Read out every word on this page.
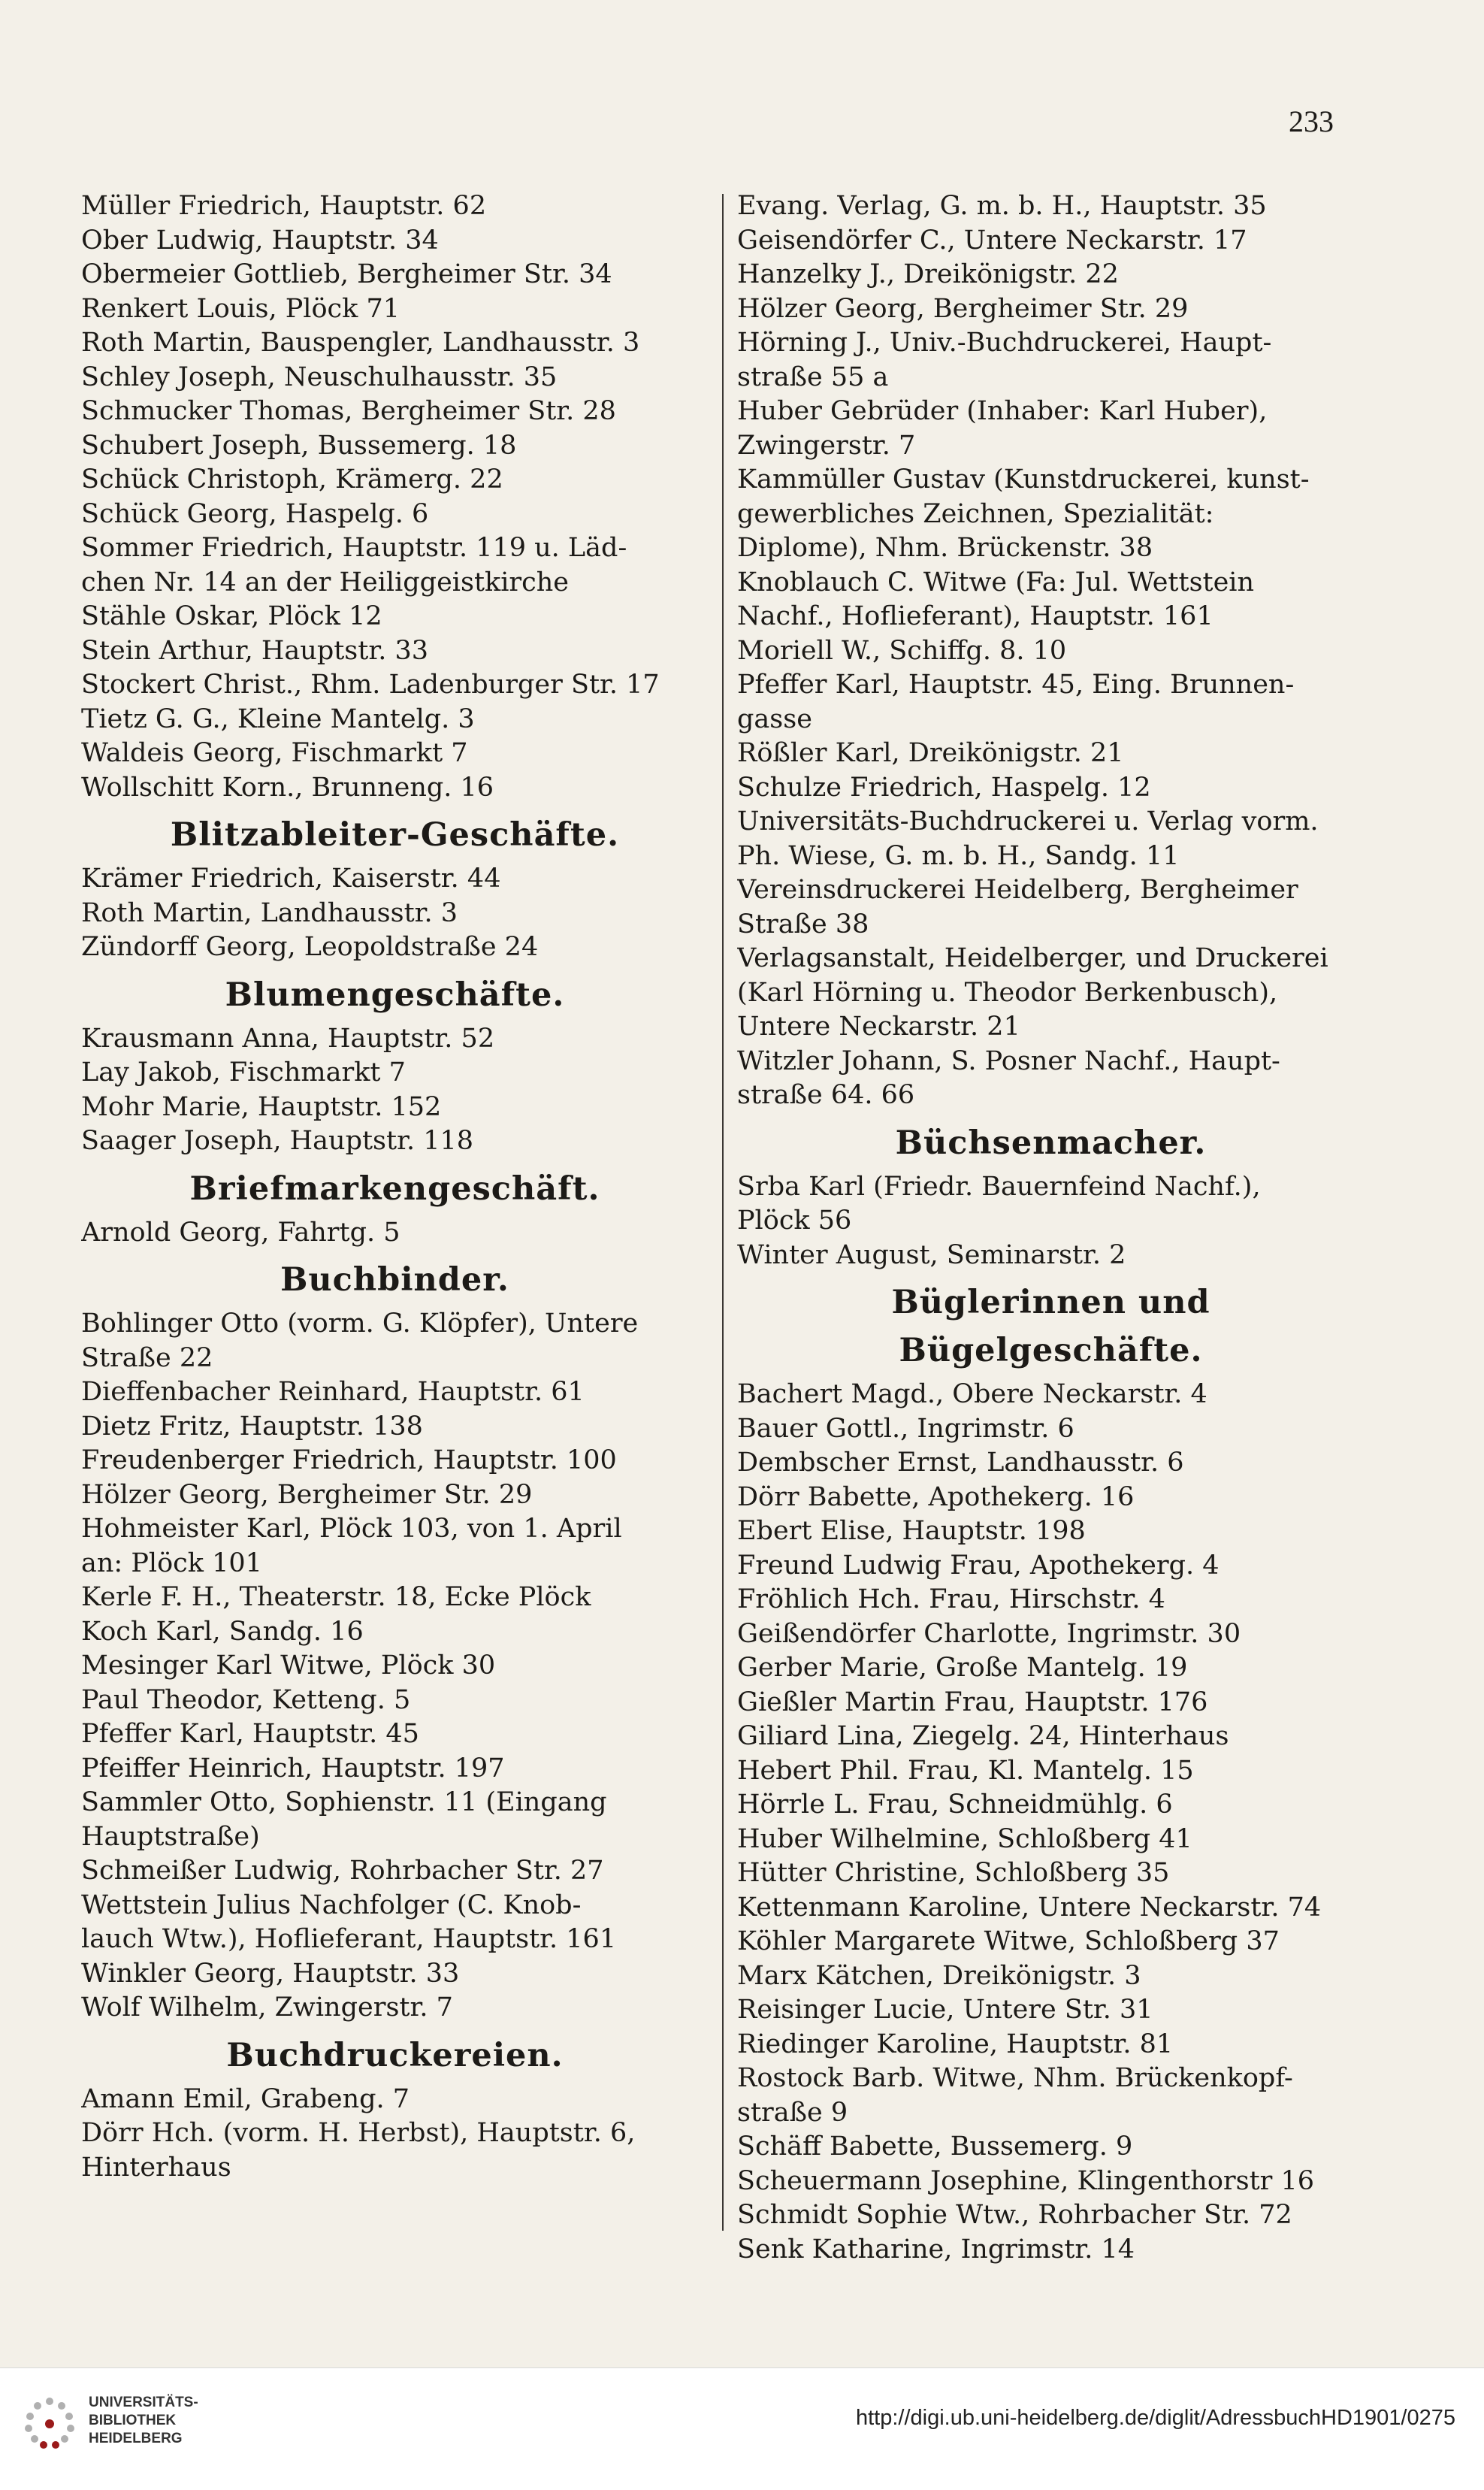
233
Müller Friedrich, Hauptstr. 62
Ober Ludwig, Hauptstr. 34
Obermeier Gottlieb, Bergheimer Str. 34
Renkert Louis, Plöck 71
Roth Martin, Bauspengler, Landhausstr. 3
Schley Joseph, Neuschulhausstr. 35
Schmucker Thomas, Bergheimer Str. 28
Schubert Joseph, Bussemerg. 18
Schück Christoph, Krämerg. 22
Schück Georg, Haspelg. 6
Sommer Friedrich, Hauptstr. 119 u. Läd-
chen Nr. 14 an der Heiliggeistkirche
Stähle Oskar, Plöck 12
Stein Arthur, Hauptstr. 33
Stockert Christ., Rhm. Ladenburger Str. 17
Tietz G. G., Kleine Mantelg. 3
Waldeis Georg, Fischmarkt 7
Wollschitt Korn., Brunneng. 16
Blitzableiter-Geschäfte.
Krämer Friedrich, Kaiserstr. 44
Roth Martin, Landhausstr. 3
Zündorff Georg, Leopoldstraße 24
Blumengeschäfte.
Krausmann Anna, Hauptstr. 52
Lay Jakob, Fischmarkt 7
Mohr Marie, Hauptstr. 152
Saager Joseph, Hauptstr. 118
Briefmarkengeschäft.
Arnold Georg, Fahrtg. 5
Buchbinder.
Bohlinger Otto (vorm. G. Klöpfer), Untere
Straße 22
Dieffenbacher Reinhard, Hauptstr. 61
Dietz Fritz, Hauptstr. 138
Freudenberger Friedrich, Hauptstr. 100
Hölzer Georg, Bergheimer Str. 29
Hohmeister Karl, Plöck 103, von 1. April
an: Plöck 101
Kerle F. H., Theaterstr. 18, Ecke Plöck
Koch Karl, Sandg. 16
Mesinger Karl Witwe, Plöck 30
Paul Theodor, Ketteng. 5
Pfeffer Karl, Hauptstr. 45
Pfeiffer Heinrich, Hauptstr. 197
Sammler Otto, Sophienstr. 11 (Eingang
Hauptstraße)
Schmeißer Ludwig, Rohrbacher Str. 27
Wettstein Julius Nachfolger (C. Knob-
lauch Wtw.), Hoflieferant, Hauptstr. 161
Winkler Georg, Hauptstr. 33
Wolf Wilhelm, Zwingerstr. 7
Buchdruckereien.
Amann Emil, Grabeng. 7
Dörr Hch. (vorm. H. Herbst), Hauptstr. 6,
Hinterhaus
Evang. Verlag, G. m. b. H., Hauptstr. 35
Geisendörfer C., Untere Neckarstr. 17
Hanzelky J., Dreikönigstr. 22
Hölzer Georg, Bergheimer Str. 29
Hörning J., Univ.-Buchdruckerei, Haupt-
straße 55 a
Huber Gebrüder (Inhaber: Karl Huber),
Zwingerstr. 7
Kammüller Gustav (Kunstdruckerei, kunst-
gewerbliches Zeichnen, Spezialität:
Diplome), Nhm. Brückenstr. 38
Knoblauch C. Witwe (Fa: Jul. Wettstein
Nachf., Hoflieferant), Hauptstr. 161
Moriell W., Schiffg. 8. 10
Pfeffer Karl, Hauptstr. 45, Eing. Brunnen-
gasse
Rößler Karl, Dreikönigstr. 21
Schulze Friedrich, Haspelg. 12
Universitäts-Buchdruckerei u. Verlag vorm.
Ph. Wiese, G. m. b. H., Sandg. 11
Vereinsdruckerei Heidelberg, Bergheimer
Straße 38
Verlagsanstalt, Heidelberger, und Druckerei
(Karl Hörning u. Theodor Berkenbusch),
Untere Neckarstr. 21
Witzler Johann, S. Posner Nachf., Haupt-
straße 64. 66
Büchsenmacher.
Srba Karl (Friedr. Bauernfeind Nachf.),
Plöck 56
Winter August, Seminarstr. 2
Büglerinnen und Bügelgeschäfte.
Bachert Magd., Obere Neckarstr. 4
Bauer Gottl., Ingrimstr. 6
Dembscher Ernst, Landhausstr. 6
Dörr Babette, Apothekerg. 16
Ebert Elise, Hauptstr. 198
Freund Ludwig Frau, Apothekerg. 4
Fröhlich Hch. Frau, Hirschstr. 4
Geißendörfer Charlotte, Ingrimstr. 30
Gerber Marie, Große Mantelg. 19
Gießler Martin Frau, Hauptstr. 176
Giliard Lina, Ziegelg. 24, Hinterhaus
Hebert Phil. Frau, Kl. Mantelg. 15
Hörrle L. Frau, Schneidmühlg. 6
Huber Wilhelmine, Schloßberg 41
Hütter Christine, Schloßberg 35
Kettenmann Karoline, Untere Neckarstr. 74
Köhler Margarete Witwe, Schloßberg 37
Marx Kätchen, Dreikönigstr. 3
Reisinger Lucie, Untere Str. 31
Riedinger Karoline, Hauptstr. 81
Rostock Barb. Witwe, Nhm. Brückenkopf-
straße 9
Schäff Babette, Bussemerg. 9
Scheuermann Josephine, Klingenthorstr 16
Schmidt Sophie Wtw., Rohrbacher Str. 72
Senk Katharine, Ingrimstr. 14
UNIVERSITÄTS-
BIBLIOTHEK
HEIDELBERG
http://digi.ub.uni-heidelberg.de/diglit/AdressbuchHD1901/0275
